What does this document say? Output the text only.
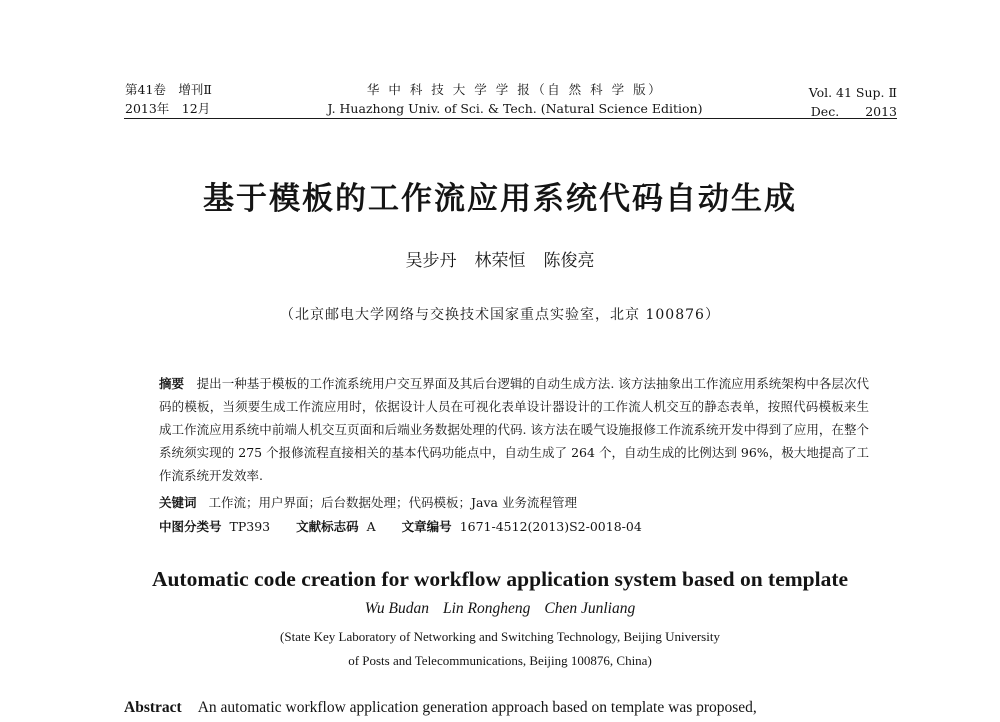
第41卷　增刊Ⅱ
2013年　12月
华 中 科 技 大 学 学 报（自 然 科 学 版）
J. Huazhong Univ. of Sci. & Tech. (Natural Science Edition)
Vol. 41 Sup. Ⅱ
Dec. 2013
基于模板的工作流应用系统代码自动生成
吴步丹 林荣恒 陈俊亮
（北京邮电大学网络与交换技术国家重点实验室，北京 100876）
摘要　 提出一种基于模板的工作流系统用户交互界面及其后台逻辑的自动生成方法. 该方法抽象出工作流应用系统架构中各层次代码的模板，当须要生成工作流应用时，依据设计人员在可视化表单设计器设计的工作流人机交互的静态表单，按照代码模板来生成工作流应用系统中前端人机交互页面和后端业务数据处理的代码. 该方法在暖气设施报修工作流系统开发中得到了应用，在整个系统须实现的 275 个报修流程直接相关的基本代码功能点中，自动生成了 264 个，自动生成的比例达到 96%，极大地提高了工作流系统开发效率.
关键词 工作流；用户界面；后台数据处理；代码模板；Java 业务流程管理
中图分类号 TP393 文献标志码 A 文章编号 1671-4512(2013)S2-0018-04
Automatic code creation for workflow application system based on template
Wu Budan Lin Rongheng Chen Junliang
(State Key Laboratory of Networking and Switching Technology, Beijing University
of Posts and Telecommunications, Beijing 100876, China)
Abstract An automatic workflow application generation approach based on template was proposed,
